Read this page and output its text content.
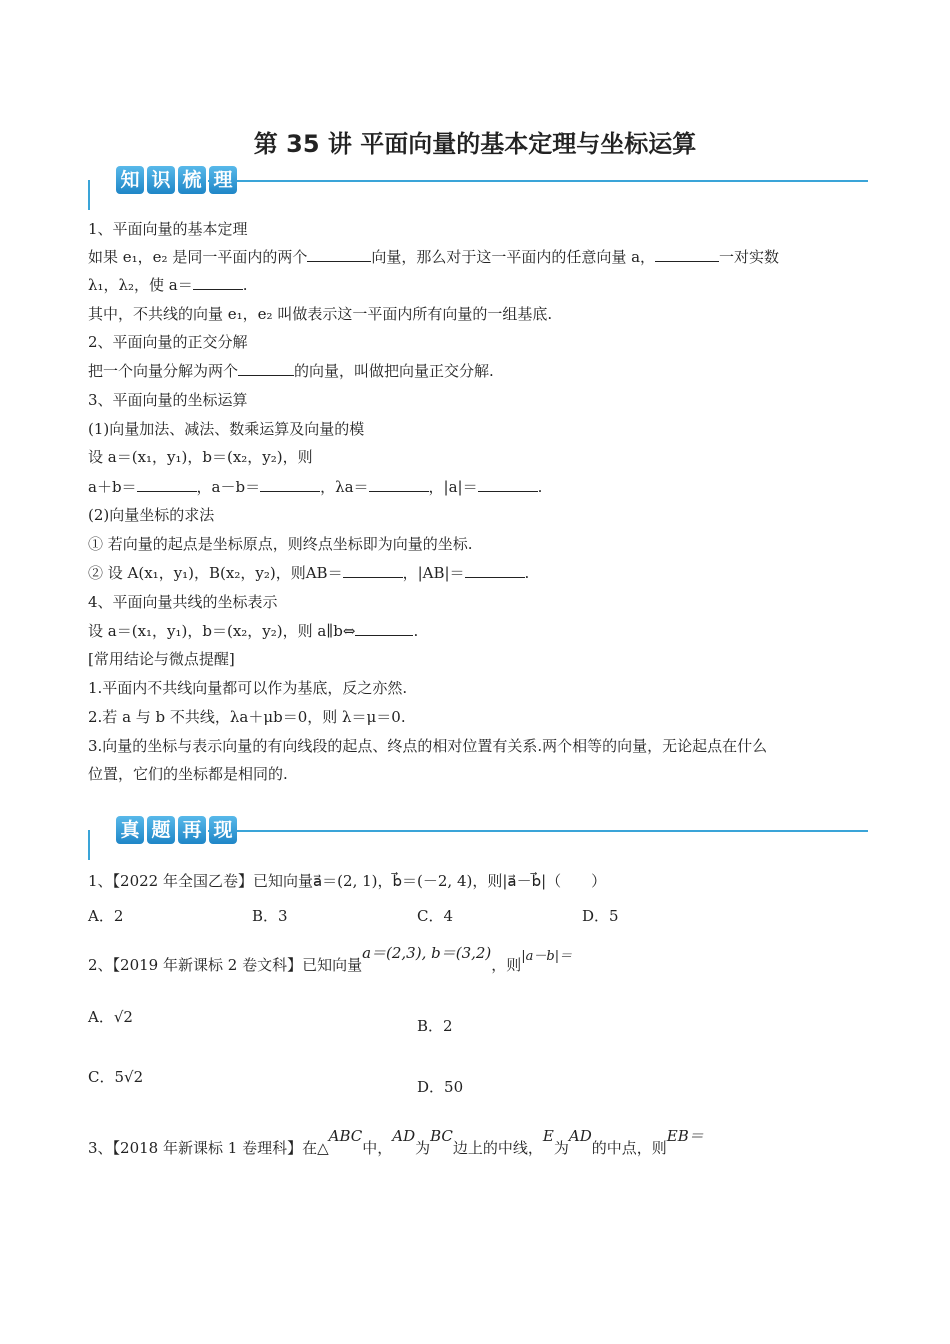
第 35 讲 平面向量的基本定理与坐标运算
知 识 梳 理
1、平面向量的基本定理
如果 e₁，e₂ 是同一平面内的两个	向量，那么对于这一平面内的任意向量 a，	一对实数
λ₁，λ₂，使 a＝	.
其中，不共线的向量 e₁，e₂ 叫做表示这一平面内所有向量的一组基底.
2、平面向量的正交分解
把一个向量分解为两个	的向量，叫做把向量正交分解.
3、平面向量的坐标运算
(1)向量加法、减法、数乘运算及向量的模
设 a＝(x₁，y₁)，b＝(x₂，y₂)，则
a＋b＝	，a－b＝	，λa＝	，|a|＝	.
(2)向量坐标的求法
① 若向量的起点是坐标原点，则终点坐标即为向量的坐标.
② 设 A(x₁，y₁)，B(x₂，y₂)，则AB＝	，|AB|＝	.
4、平面向量共线的坐标表示
设 a＝(x₁，y₁)，b＝(x₂，y₂)，则 a∥b⇔	.
[常用结论与微点提醒]
1.平面内不共线向量都可以作为基底，反之亦然.
2.若 a 与 b 不共线，λa＋μb＝0，则 λ＝μ＝0.
3.向量的坐标与表示向量的有向线段的起点、终点的相对位置有关系.两个相等的向量，无论起点在什么
位置，它们的坐标都是相同的.
真 题 再 现
1、【2022 年全国乙卷】已知向量a⃗＝(2, 1)，b⃗＝(－2, 4)，则|a⃗－b⃗|（　　）
A．2	B．3	C．4	D．5
2、【2019 年新课标 2 卷文科】已知向量a＝(2,3), b＝(3,2)，则|a－b|＝
A．√2	B．2
C．5√2
D．50
3、【2018 年新课标 1 卷理科】在△ABC中，AD为BC边上的中线，E为AD的中点，则EB＝
